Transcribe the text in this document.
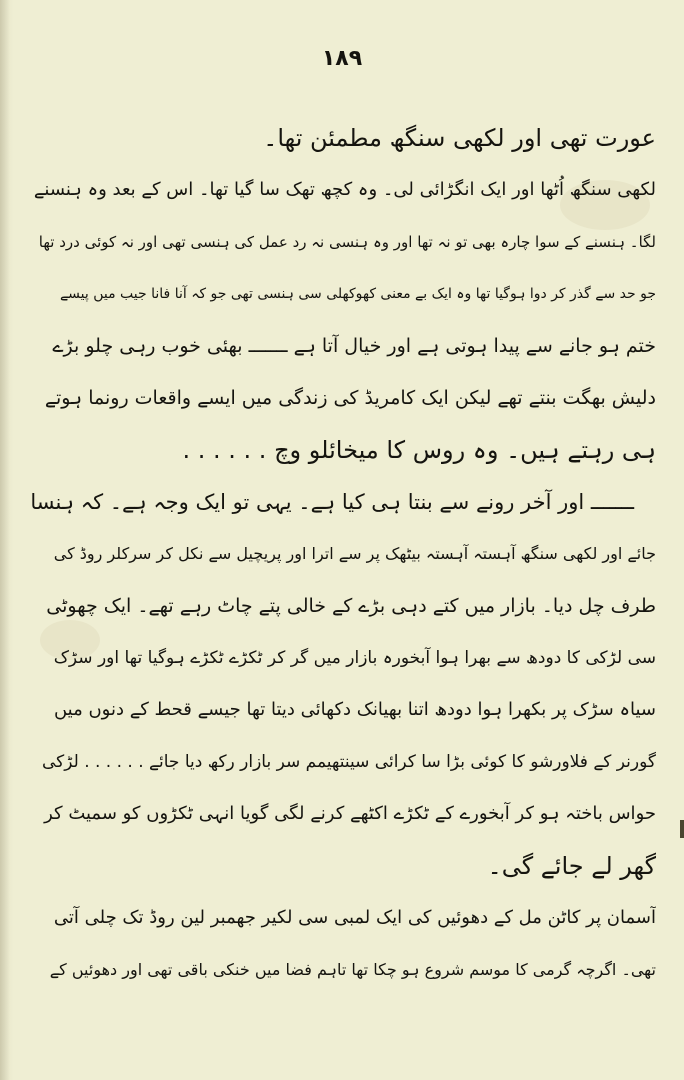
١٨٩
عورت تھی اور لکھی سنگھ مطمئن تھا۔
لکھی سنگھ اُٹھا اور ایک انگڑائی لی۔ وہ کچھ تھک سا گیا تھا۔ اس کے بعد وہ ہنسنے
لگا۔ ہنسنے کے سوا چارہ بھی تو نہ تھا اور وہ ہنسی نہ رد عمل کی ہنسی تھی اور نہ کوئی درد تھا
جو حد سے گذر کر دوا ہوگیا تھا وہ ایک بے معنی کھوکھلی سی ہنسی تھی جو کہ آنا فانا جیب میں پیسے
ختم ہو جانے سے پیدا ہوتی ہے اور خیال آتا ہے ـــــــ بھئی خوب رہی چلو بڑے
دلیش بھگت بنتے تھے لیکن ایک کامریڈ کی زندگی میں ایسے واقعات رونما ہوتے
ہی رہتے ہیں۔ وہ روس کا میخائلو وچ . . . . . .
ـــــــ اور آخر رونے سے بنتا ہی کیا ہے۔ یہی تو ایک وجہ ہے۔ کہ ہنسا
جائے اور لکھی سنگھ آہستہ آہستہ بیٹھک پر سے اترا اور پریچیل سے نکل کر سرکلر روڈ کی
طرف چل دیا۔ بازار میں کتے دہی بڑے کے خالی پتے چاٹ رہے تھے۔ ایک چھوٹی
سی لڑکی کا دودھ سے بھرا ہوا آبخورہ بازار میں گر کر ٹکڑے ٹکڑے ہوگیا تھا اور سڑک
سیاہ سڑک پر بکھرا ہوا دودھ اتنا بھیانک دکھائی دیتا تھا جیسے قحط کے دنوں میں
گورنر کے فلاورشو کا کوئی بڑا سا کرائی سینتھیمم سر بازار رکھ دیا جائے . . . . . . لڑکی
حواس باختہ ہو کر آبخورے کے ٹکڑے اکٹھے کرنے لگی گویا انہی ٹکڑوں کو سمیٹ کر
گھر لے جائے گی۔
آسمان پر کاٹن مل کے دھوئیں کی ایک لمبی سی لکیر جھمبر لین روڈ تک چلی آتی
تھی۔ اگرچہ گرمی کا موسم شروع ہو چکا تھا تاہم فضا میں خنکی باقی تھی اور دھوئیں کے
